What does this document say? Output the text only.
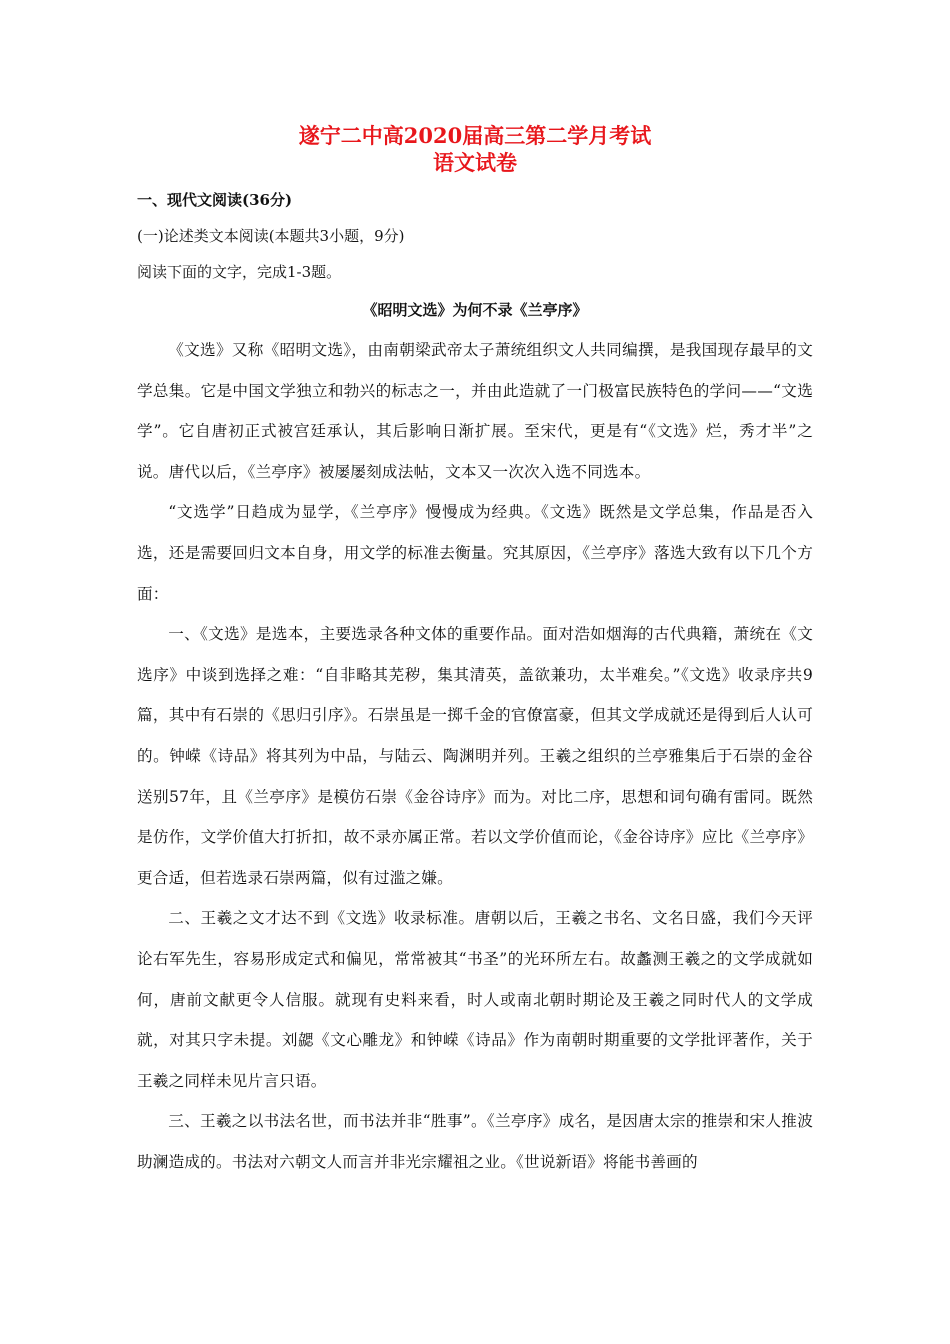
遂宁二中高2020届高三第二学月考试

语文试卷

一、现代文阅读(36分)

(一)论述类文本阅读(本题共3小题，9分)

阅读下面的文字，完成1-3题。

《昭明文选》为何不录《兰亭序》

《文选》又称《昭明文选》，由南朝梁武帝太子萧统组织文人共同编撰，是我国现存最早的文学总集。它是中国文学独立和勃兴的标志之一，并由此造就了一门极富民族特色的学问——“文选学”。它自唐初正式被宫廷承认，其后影响日渐扩展。至宋代，更是有“《文选》烂，秀才半”之说。唐代以后，《兰亭序》被屡屡刻成法帖，文本又一次次入选不同选本。

“文选学”日趋成为显学，《兰亭序》慢慢成为经典。《文选》既然是文学总集，作品是否入选，还是需要回归文本自身，用文学的标准去衡量。究其原因，《兰亭序》落选大致有以下几个方面：

一、《文选》是选本，主要选录各种文体的重要作品。面对浩如烟海的古代典籍，萧统在《文选序》中谈到选择之难：“自非略其芜秽，集其清英，盖欲兼功，太半难矣。”《文选》收录序共9篇，其中有石崇的《思归引序》。石崇虽是一掷千金的官僚富豪，但其文学成就还是得到后人认可的。钟嵘《诗品》将其列为中品，与陆云、陶渊明并列。王羲之组织的兰亭雅集后于石崇的金谷送别57年，且《兰亭序》是模仿石崇《金谷诗序》而为。对比二序，思想和词句确有雷同。既然是仿作，文学价值大打折扣，故不录亦属正常。若以文学价值而论，《金谷诗序》应比《兰亭序》更合适，但若选录石崇两篇，似有过滥之嫌。

二、王羲之文才达不到《文选》收录标准。唐朝以后，王羲之书名、文名日盛，我们今天评论右军先生，容易形成定式和偏见，常常被其“书圣”的光环所左右。故蠡测王羲之的文学成就如何，唐前文献更令人信服。就现有史料来看，时人或南北朝时期论及王羲之同时代人的文学成就，对其只字未提。刘勰《文心雕龙》和钟嵘《诗品》作为南朝时期重要的文学批评著作，关于王羲之同样未见片言只语。

三、王羲之以书法名世，而书法并非“胜事”。《兰亭序》成名，是因唐太宗的推崇和宋人推波助澜造成的。书法对六朝文人而言并非光宗耀祖之业。《世说新语》将能书善画的
